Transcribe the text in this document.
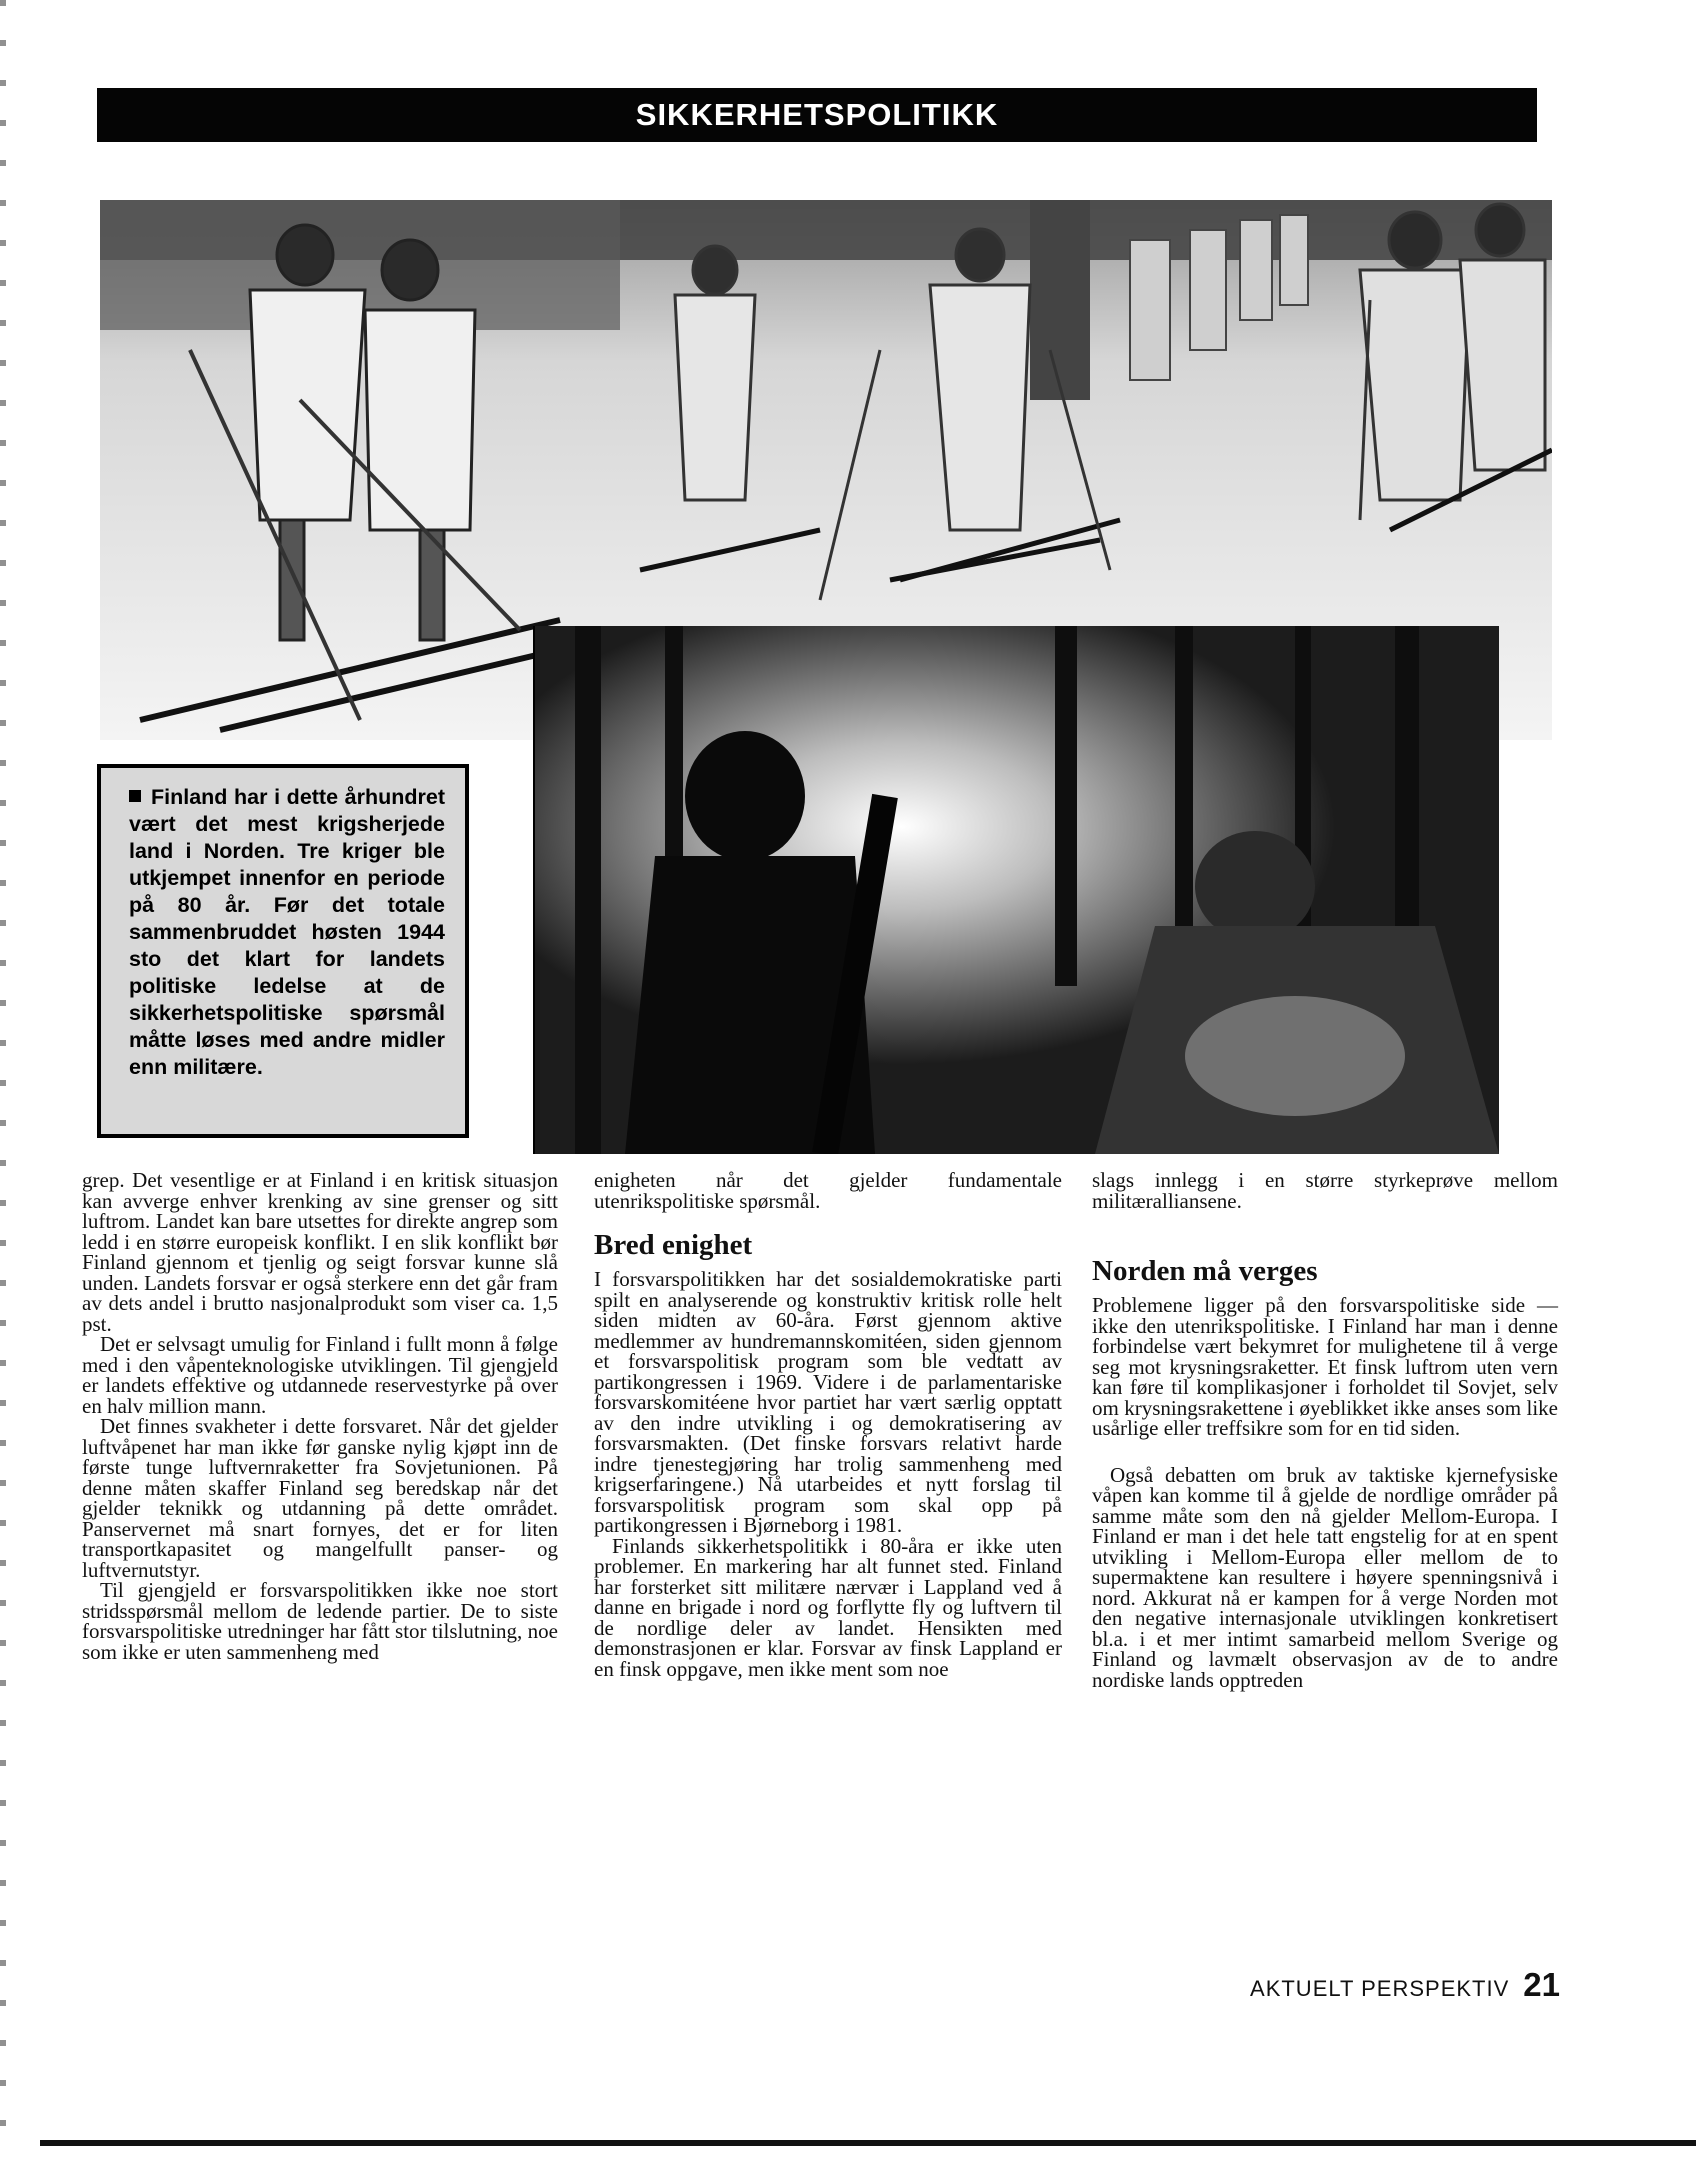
SIKKERHETSPOLITIKK
Finland har i dette århundret vært det mest krigsherjede land i Norden. Tre kriger ble utkjempet innenfor en periode på 80 år. Før det totale sammenbruddet høsten 1944 sto det klart for landets politiske ledelse at de sikkerhetspolitiske spørsmål måtte løses med andre midler enn militære.

grep. Det vesentlige er at Finland i en kritisk situasjon kan avverge enhver krenking av sine grenser og sitt luftrom. Landet kan bare utsettes for direkte angrep som ledd i en større europeisk konflikt. I en slik konflikt bør Finland gjennom et tjenlig og seigt forsvar kunne slå unden. Landets forsvar er også sterkere enn det går fram av dets andel i brutto nasjonalprodukt som viser ca. 1,5 pst.

Det er selvsagt umulig for Finland i fullt monn å følge med i den våpenteknologiske utviklingen. Til gjengjeld er landets effektive og utdannede reservestyrke på over en halv million mann.

Det finnes svakheter i dette forsvaret. Når det gjelder luftvåpenet har man ikke før ganske nylig kjøpt inn de første tunge luftvernraketter fra Sovjetunionen. På denne måten skaffer Finland seg beredskap når det gjelder teknikk og utdanning på dette området. Panservernet må snart fornyes, det er for liten transportkapasitet og mangelfullt panser- og luftvernutstyr.

Til gjengjeld er forsvarspolitikken ikke noe stort stridsspørsmål mellom de ledende partier. De to siste forsvarspolitiske utredninger har fått stor tilslutning, noe som ikke er uten sammenheng med

enigheten når det gjelder fundamentale utenrikspolitiske spørsmål.

Bred enighet

I forsvarspolitikken har det sosialdemokratiske parti spilt en analyserende og konstruktiv kritisk rolle helt siden midten av 60-åra. Først gjennom aktive medlemmer av hundremannskomitéen, siden gjennom et forsvarspolitisk program som ble vedtatt av partikongressen i 1969. Videre i de parlamentariske forsvarskomitéene hvor partiet har vært særlig opptatt av den indre utvikling i og demokratisering av forsvarsmakten. (Det finske forsvars relativt harde indre tjenestegjøring har trolig sammenheng med krigserfaringene.) Nå utarbeides et nytt forslag til forsvarspolitisk program som skal opp på partikongressen i Bjørneborg i 1981.

Finlands sikkerhetspolitikk i 80-åra er ikke uten problemer. En markering har alt funnet sted. Finland har forsterket sitt militære nærvær i Lappland ved å danne en brigade i nord og forflytte fly og luftvern til de nordlige deler av landet. Hensikten med demonstrasjonen er klar. Forsvar av finsk Lappland er en finsk oppgave, men ikke ment som noe

slags innlegg i en større styrkeprøve mellom militæralliansene.

Norden må verges

Problemene ligger på den forsvarspolitiske side — ikke den utenrikspolitiske. I Finland har man i denne forbindelse vært bekymret for mulighetene til å verge seg mot krysningsraketter. Et finsk luftrom uten vern kan føre til komplikasjoner i forholdet til Sovjet, selv om krysningsrakettene i øyeblikket ikke anses som like usårlige eller treffsikre som for en tid siden.

Også debatten om bruk av taktiske kjernefysiske våpen kan komme til å gjelde de nordlige områder på samme måte som den nå gjelder Mellom-Europa. I Finland er man i det hele tatt engstelig for at en spent utvikling i Mellom-Europa eller mellom de to supermaktene kan resultere i høyere spenningsnivå i nord. Akkurat nå er kampen for å verge Norden mot den negative internasjonale utviklingen konkretisert bl.a. i et mer intimt samarbeid mellom Sverige og Finland og lavmælt observasjon av de to andre nordiske lands opptreden

AKTUELT PERSPEKTIV 21
